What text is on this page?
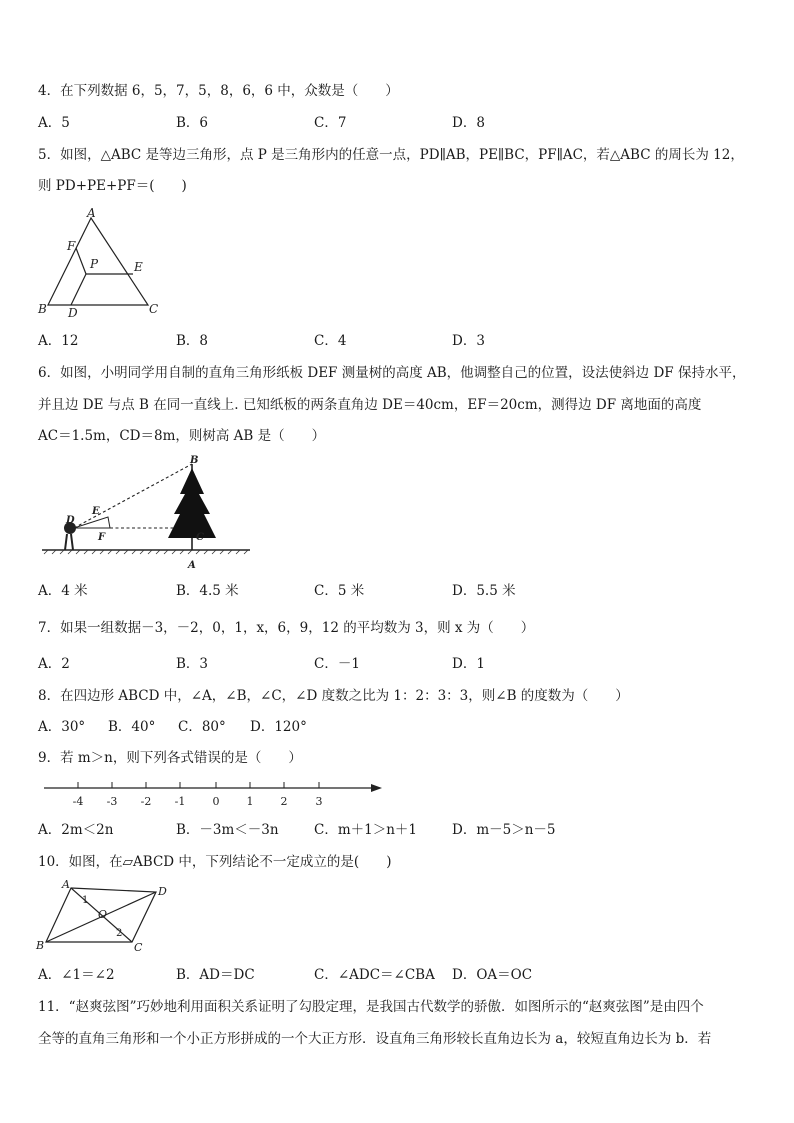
4．在下列数据 6，5，7，5，8，6，6 中，众数是（　　）
A．5	B．6	C．7	D．8
5．如图，△ABC 是等边三角形，点 P 是三角形内的任意一点，PD∥AB，PE∥BC，PF∥AC，若△ABC 的周长为 12，
则 PD+PE+PF＝(　　)
A
F
P	E
B D	C
A．12	B．8	C．4	D．3
6．如图，小明同学用自制的直角三角形纸板 DEF 测量树的高度 AB，他调整自己的位置，设法使斜边 DF 保持水平，
并且边 DE 与点 B 在同一直线上. 已知纸板的两条直角边 DE＝40cm，EF＝20cm，测得边 DF 离地面的高度
AC＝1.5m，CD＝8m，则树高 AB 是（　　）
B
C
A
D
E
F
A．4 米	B．4.5 米	C．5 米	D．5.5 米
7．如果一组数据－3，－2，0，1，x，6，9，12 的平均数为 3，则 x 为（　　）
A．2	B．3	C．－1	D．1
8．在四边形 ABCD 中，∠A，∠B，∠C，∠D 度数之比为 1：2：3：3，则∠B 的度数为（　　）
A．30° B．40° C．80° D．120°
9．若 m＞n，则下列各式错误的是（　　）
-4 -3 -2 -1 0 1 2	3
A．2m＜2n	B．－3m＜－3n	C．m＋1＞n＋1	D．m－5＞n－5
10．如图，在▱ABCD 中，下列结论不一定成立的是(　　)
A
D
B	C
O
1
2
A．∠1＝∠2	B．AD＝DC	C．∠ADC＝∠CBA D．OA＝OC
11．“赵爽弦图”巧妙地利用面积关系证明了勾股定理，是我国古代数学的骄傲．如图所示的“赵爽弦图”是由四个
全等的直角三角形和一个小正方形拼成的一个大正方形．设直角三角形较长直角边长为 a，较短直角边长为 b．若
